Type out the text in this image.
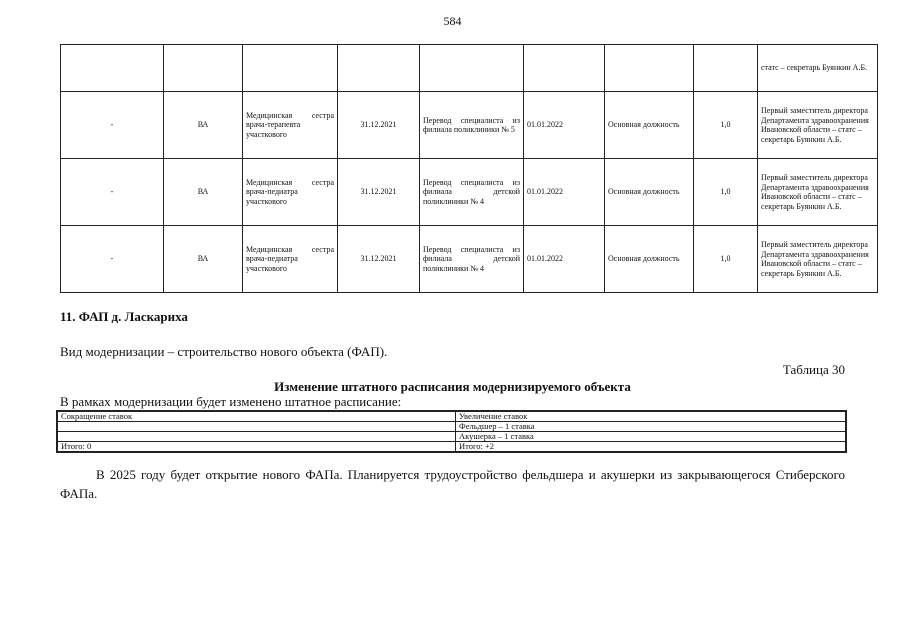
584
								статс – секретарь Буянкин А.Б.
-	ВА	Медицинская сестра врача-терапевта участкового	31.12.2021	Перевод специалиста из филиала поликлиники № 5	01.01.2022	Основная должность	1,0	Первый заместитель директора Департамента здравоохранения Ивановской области – статс – секретарь Буянкин А.Б.
-	ВА	Медицинская сестра врача-педиатра участкового	31.12.2021	Перевод специалиста из филиала детской поликлиники № 4	01.01.2022	Основная должность	1,0	Первый заместитель директора Департамента здравоохранения Ивановской области – статс – секретарь Буянкин А.Б.
-	ВА	Медицинская сестра врача-педиатра участкового	31.12.2021	Перевод специалиста из филиала детской поликлиники № 4	01.01.2022	Основная должность	1,0	Первый заместитель директора Департамента здравоохранения Ивановской области – статс – секретарь Буянкин А.Б.
11. ФАП д. Ласкариха
Вид модернизации – строительство нового объекта (ФАП).
Таблица 30
Изменение штатного расписания модернизируемого объекта
В рамках модернизации будет изменено штатное расписание:
Сокращение ставок	Увеличение ставок
	Фельдшер – 1 ставка
	Акушерка – 1 ставка
Итого: 0	Итого: +2
В 2025 году будет открытие нового ФАПа. Планируется трудоустройство фельдшера и акушерки из закрывающегося Стиберского ФАПа.
